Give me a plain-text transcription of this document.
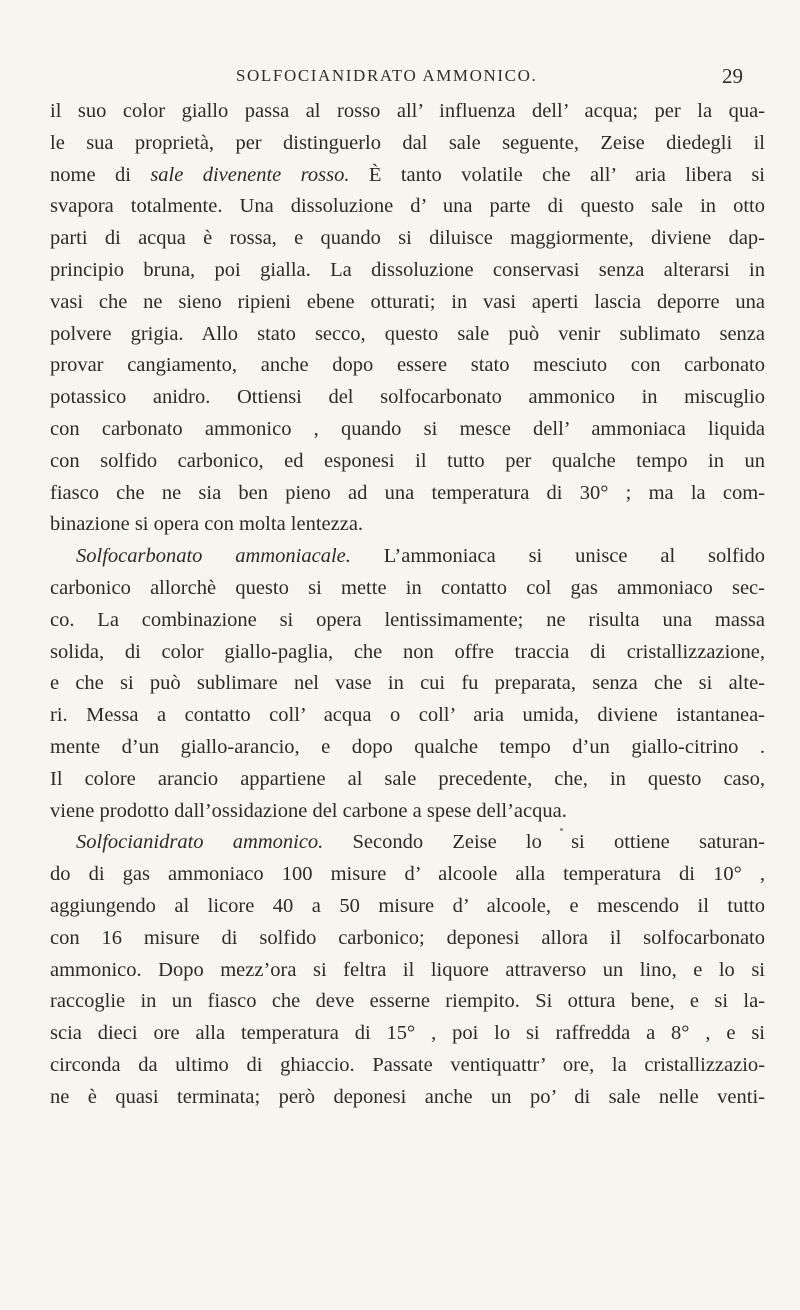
SOLFOCIANIDRATO AMMONICO.	29
il suo color giallo passa al rosso all’ influenza dell’ acqua; per la qua-
le sua proprietà, per distinguerlo dal sale seguente, Zeise diedegli il
nome di sale divenente rosso. È tanto volatile che all’ aria libera si
svapora totalmente. Una dissoluzione d’ una parte di questo sale in otto
parti di acqua è rossa, e quando si diluisce maggiormente, diviene dap-
principio bruna, poi gialla. La dissoluzione conservasi senza alterarsi in
vasi che ne sieno ripieni ebene otturati; in vasi aperti lascia deporre una
polvere grigia. Allo stato secco, questo sale può venir sublimato senza
provar cangiamento, anche dopo essere stato mesciuto con carbonato
potassico anidro. Ottiensi del solfocarbonato ammonico in miscuglio
con carbonato ammonico , quando si mesce dell’ ammoniaca liquida
con solfido carbonico, ed esponesi il tutto per qualche tempo in un
fiasco che ne sia ben pieno ad una temperatura di 30° ; ma la com-
binazione si opera con molta lentezza.
Solfocarbonato ammoniacale. L’ammoniaca si unisce al solfido
carbonico allorchè questo si mette in contatto col gas ammoniaco sec-
co. La combinazione si opera lentissimamente; ne risulta una massa
solida, di color giallo-paglia, che non offre traccia di cristallizzazione,
e che si può sublimare nel vase in cui fu preparata, senza che si alte-
ri. Messa a contatto coll’ acqua o coll’ aria umida, diviene istantanea-
mente d’un giallo-arancio, e dopo qualche tempo d’un giallo-citrino .
Il colore arancio appartiene al sale precedente, che, in questo caso,
viene prodotto dall’ossidazione del carbone a spese dell’acqua.
Solfocianidrato ammonico. Secondo Zeise lo si ottiene saturan-
do di gas ammoniaco 100 misure d’ alcoole alla temperatura di 10° ,
aggiungendo al licore 40 a 50 misure d’ alcoole, e mescendo il tutto
con 16 misure di solfido carbonico; deponesi allora il solfocarbonato
ammonico. Dopo mezz’ora si feltra il liquore attraverso un lino, e lo si
raccoglie in un fiasco che deve esserne riempito. Si ottura bene, e si la-
scia dieci ore alla temperatura di 15° , poi lo si raffredda a 8° , e si
circonda da ultimo di ghiaccio. Passate ventiquattr’ ore, la cristallizzazio-
ne è quasi terminata; però deponesi anche un po’ di sale nelle venti-
